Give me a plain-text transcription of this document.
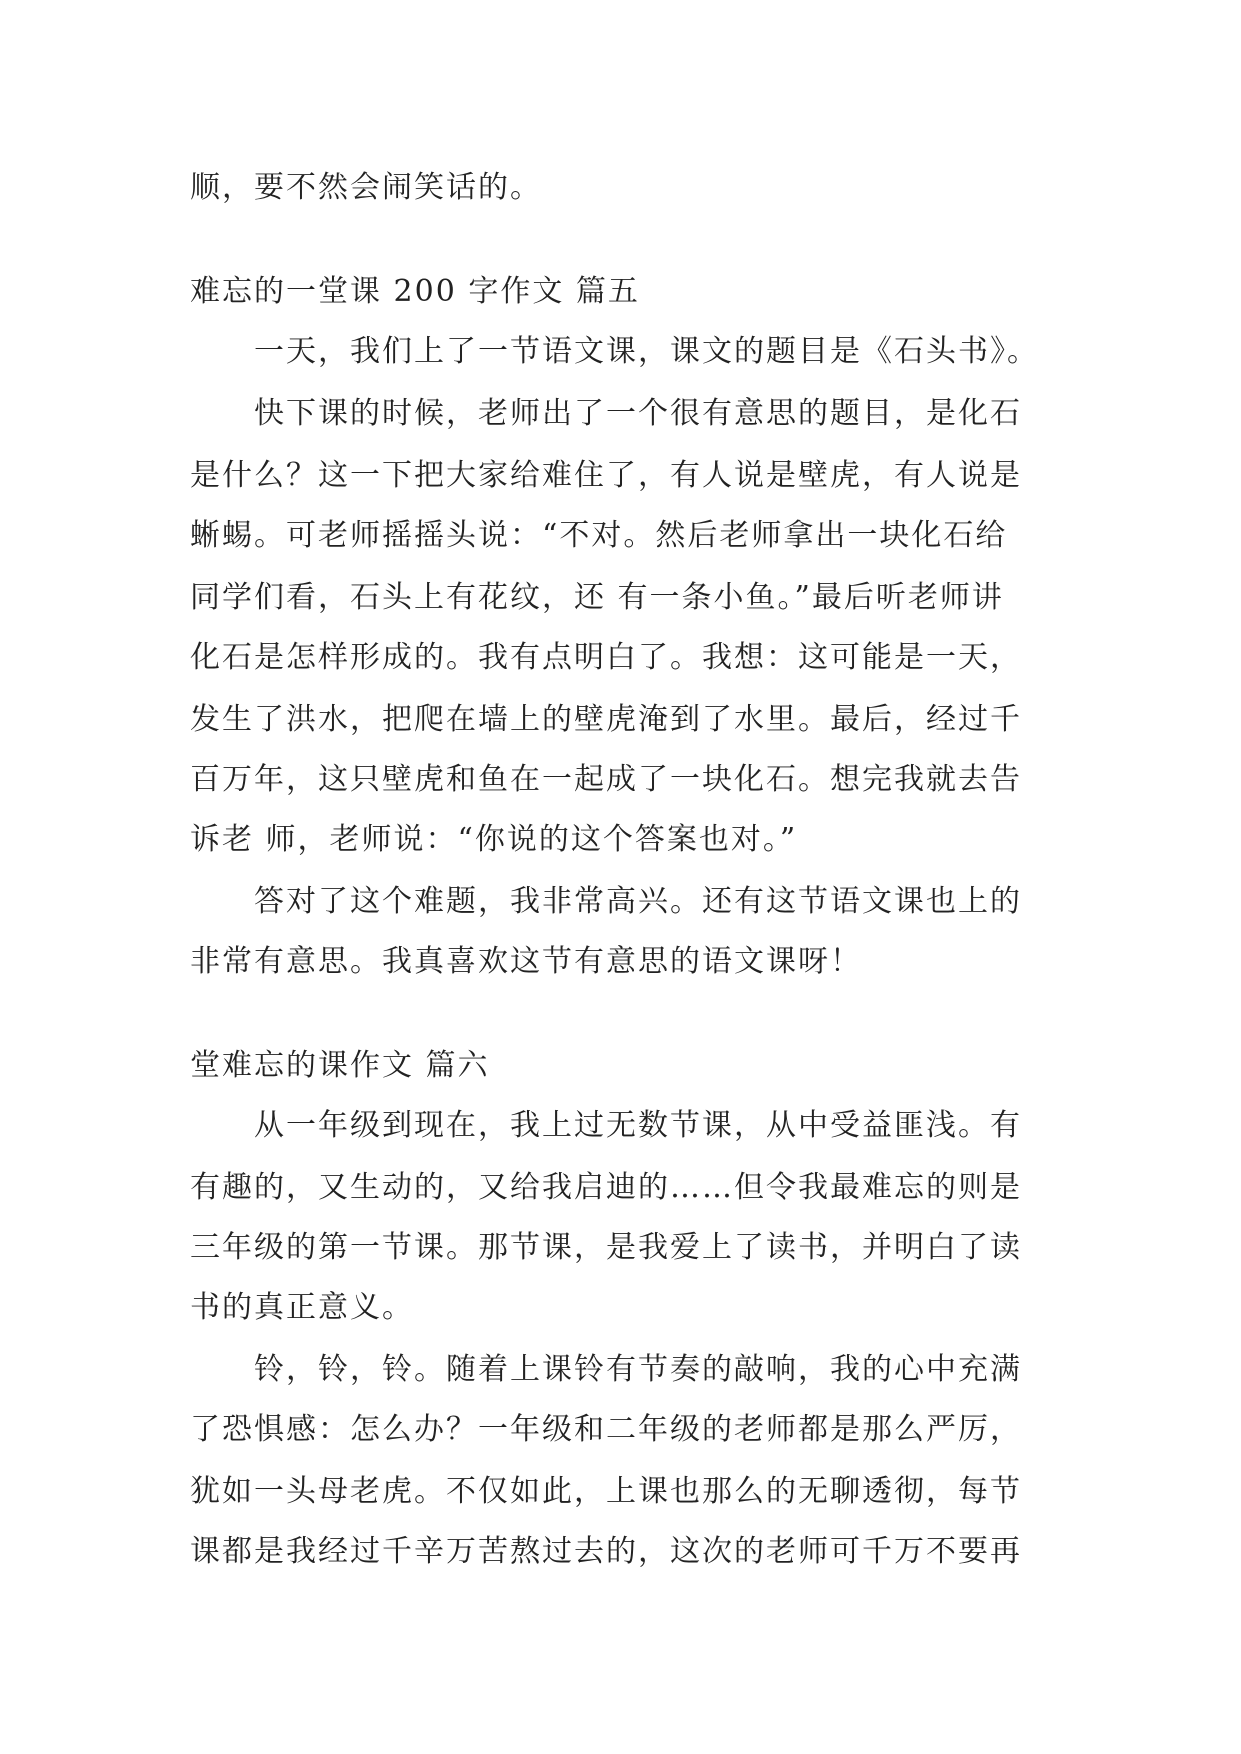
顺，要不然会闹笑话的。
难忘的一堂课 200 字作文 篇五
一天，我们上了一节语文课，课文的题目是《石头书》。
快下课的时候，老师出了一个很有意思的题目，是化石
是什么？这一下把大家给难住了，有人说是壁虎，有人说是
蜥蜴。可老师摇摇头说：“不对。然后老师拿出一块化石给
同学们看，石头上有花纹，还 有一条小鱼。”最后听老师讲
化石是怎样形成的。我有点明白了。我想：这可能是一天，
发生了洪水，把爬在墙上的壁虎淹到了水里。最后，经过千
百万年，这只壁虎和鱼在一起成了一块化石。想完我就去告
诉老 师，老师说：“你说的这个答案也对。”
答对了这个难题，我非常高兴。还有这节语文课也上的
非常有意思。我真喜欢这节有意思的语文课呀！
堂难忘的课作文 篇六
从一年级到现在，我上过无数节课，从中受益匪浅。有
有趣的，又生动的，又给我启迪的……但令我最难忘的则是
三年级的第一节课。那节课，是我爱上了读书，并明白了读
书的真正意义。
铃，铃，铃。随着上课铃有节奏的敲响，我的心中充满
了恐惧感：怎么办？一年级和二年级的老师都是那么严厉，
犹如一头母老虎。不仅如此，上课也那么的无聊透彻，每节
课都是我经过千辛万苦熬过去的，这次的老师可千万不要再
